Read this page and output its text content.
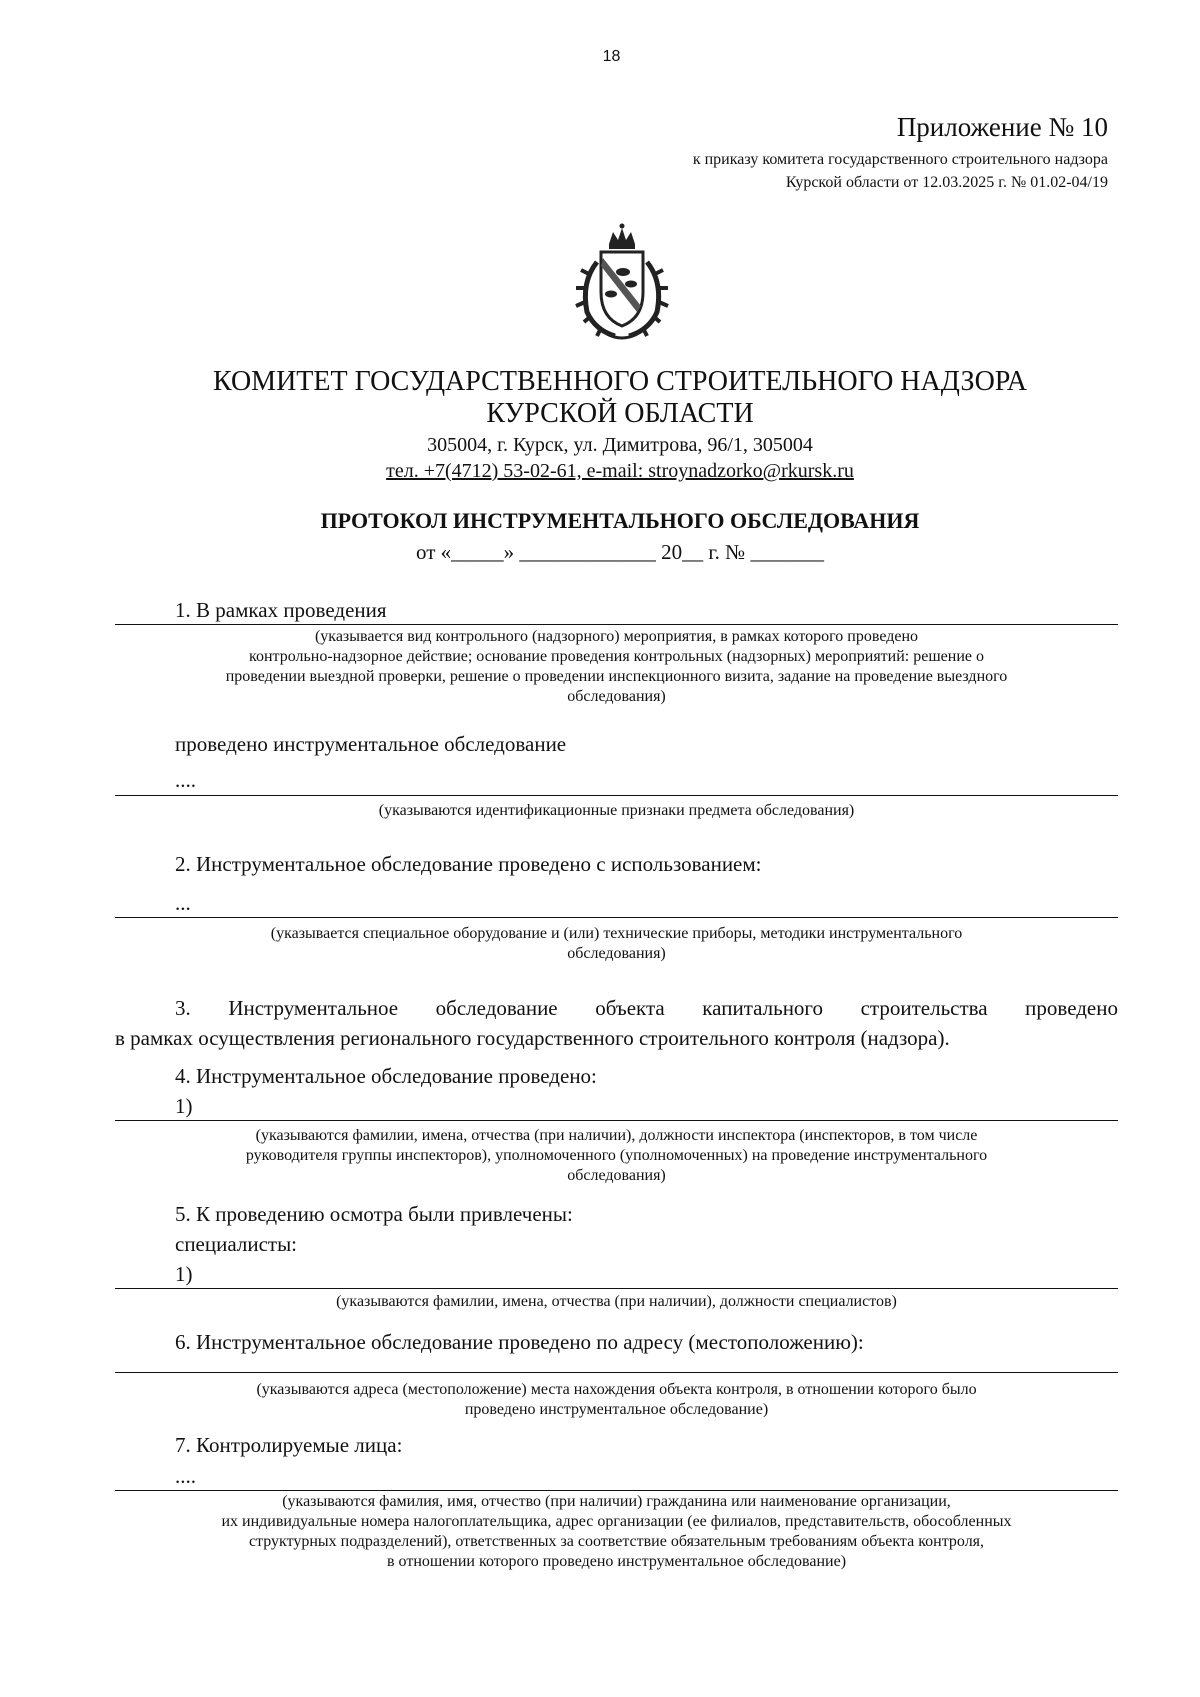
18
Приложение № 10
к приказу комитета государственного строительного надзора
Курской области от 12.03.2025 г. № 01.02-04/19
КОМИТЕТ ГОСУДАРСТВЕННОГО СТРОИТЕЛЬНОГО НАДЗОРА
КУРСКОЙ ОБЛАСТИ
305004, г. Курск, ул. Димитрова, 96/1, 305004
тел. +7(4712) 53-02-61, e-mail: stroynadzorko@rkursk.ru
ПРОТОКОЛ ИНСТРУМЕНТАЛЬНОГО ОБСЛЕДОВАНИЯ
от «_____» _____________ 20__ г. № _______
1. В рамках проведения
(указывается вид контрольного (надзорного) мероприятия, в рамках которого проведено
контрольно-надзорное действие; основание проведения контрольных (надзорных) мероприятий: решение о
проведении выездной проверки, решение о проведении инспекционного визита, задание на проведение выездного
обследования)
проведено инструментальное обследование
....
(указываются идентификационные признаки предмета обследования)
2. Инструментальное обследование проведено с использованием:
...
(указывается специальное оборудование и (или) технические приборы, методики инструментального
обследования)
3. Инструментальное обследование объекта капитального строительства проведено
в рамках осуществления регионального государственного строительного контроля (надзора).
4. Инструментальное обследование проведено:
1)
(указываются фамилии, имена, отчества (при наличии), должности инспектора (инспекторов, в том числе
руководителя группы инспекторов), уполномоченного (уполномоченных) на проведение инструментального
обследования)
5. К проведению осмотра были привлечены:
специалисты:
1)
(указываются фамилии, имена, отчества (при наличии), должности специалистов)
6. Инструментальное обследование проведено по адресу (местоположению):
(указываются адреса (местоположение) места нахождения объекта контроля, в отношении которого было
проведено инструментальное обследование)
7. Контролируемые лица:
....
(указываются фамилия, имя, отчество (при наличии) гражданина или наименование организации,
их индивидуальные номера налогоплательщика, адрес организации (ее филиалов, представительств, обособленных
структурных подразделений), ответственных за соответствие обязательным требованиям объекта контроля,
в отношении которого проведено инструментальное обследование)
